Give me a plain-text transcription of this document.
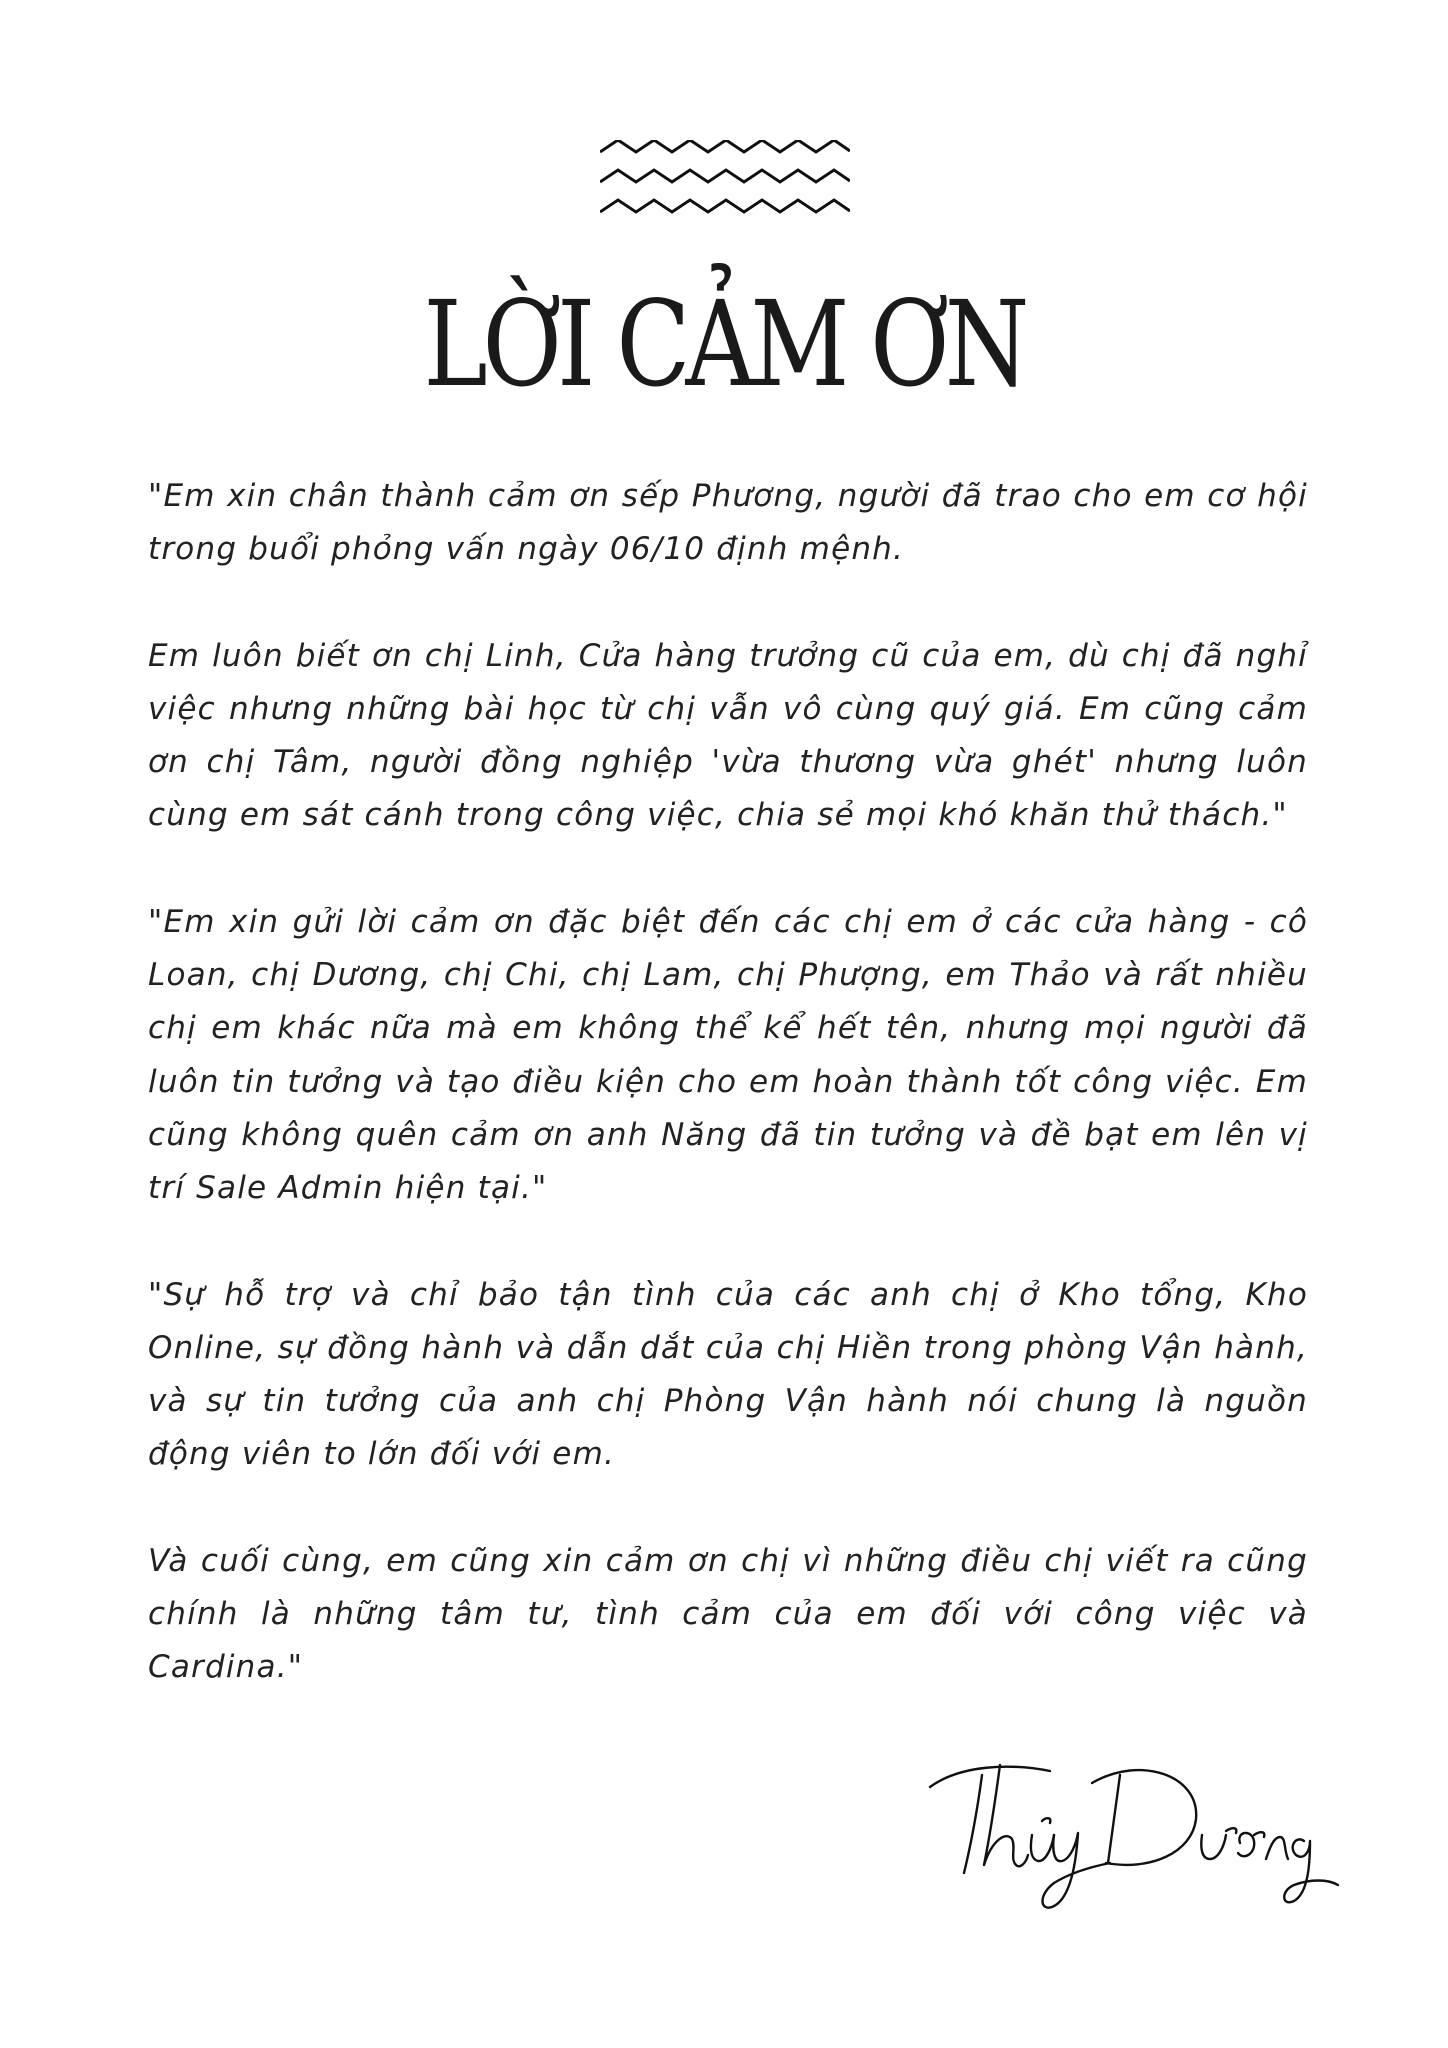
LỜI CẢM ƠN

"Em xin chân thành cảm ơn sếp Phương, người đã trao cho em cơ hội trong buổi phỏng vấn ngày 06/10 định mệnh.

Em luôn biết ơn chị Linh, Cửa hàng trưởng cũ của em, dù chị đã nghỉ việc nhưng những bài học từ chị vẫn vô cùng quý giá. Em cũng cảm ơn chị Tâm, người đồng nghiệp 'vừa thương vừa ghét' nhưng luôn cùng em sát cánh trong công việc, chia sẻ mọi khó khăn thử thách."

"Em xin gửi lời cảm ơn đặc biệt đến các chị em ở các cửa hàng - cô Loan, chị Dương, chị Chi, chị Lam, chị Phượng, em Thảo và rất nhiều chị em khác nữa mà em không thể kể hết tên, nhưng mọi người đã luôn tin tưởng và tạo điều kiện cho em hoàn thành tốt công việc. Em cũng không quên cảm ơn anh Năng đã tin tưởng và đề bạt em lên vị trí Sale Admin hiện tại."

"Sự hỗ trợ và chỉ bảo tận tình của các anh chị ở Kho tổng, Kho Online, sự đồng hành và dẫn dắt của chị Hiền trong phòng Vận hành, và sự tin tưởng của anh chị Phòng Vận hành nói chung là nguồn động viên to lớn đối với em.

Và cuối cùng, em cũng xin cảm ơn chị vì những điều chị viết ra cũng chính là những tâm tư, tình cảm của em đối với công việc và Cardina."
